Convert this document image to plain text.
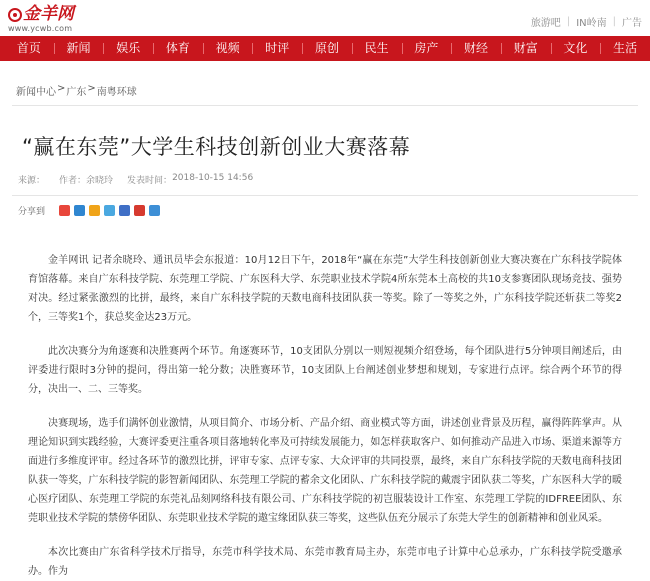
金羊网
www.ycwb.com	旅游吧 | IN岭南 | 广告
首页	新闻	娱乐	体育	视频	时评	原创	民生	房产	财经	财富	文化	生活
新闻中心 > 广东 > 南粤环球
“赢在东莞”大学生科技创新创业大赛落幕
来源： 作者： 余晓玲 发表时间： 2018-10-15 14:56
分享到

金羊网讯 记者余晓玲、通讯员毕会东报道：10月12日下午，2018年“赢在东莞”大学生科技创新创业大赛决赛在广东科技学院体育馆落幕。来自广东科技学院、东莞理工学院、广东医科大学、东莞职业技术学院4所东莞本土高校的共10支参赛团队现场竞技、强势对决。经过紧张激烈的比拼，最终，来自广东科技学院的天数电商科技团队获一等奖。除了一等奖之外，广东科技学院还斩获二等奖2个，三等奖1个，获总奖金达23万元。

此次决赛分为角逐赛和决胜赛两个环节。角逐赛环节，10支团队分别以一则短视频介绍登场，每个团队进行5分钟项目阐述后，由评委进行限时3分钟的提问，得出第一轮分数；决胜赛环节，10支团队上台阐述创业梦想和规划，专家进行点评。综合两个环节的得分，决出一、二、三等奖。

决赛现场，选手们满怀创业激情，从项目简介、市场分析、产品介绍、商业模式等方面，讲述创业背景及历程，赢得阵阵掌声。从理论知识到实践经验，大赛评委更注重各项目落地转化率及可持续发展能力，如怎样获取客户、如何推动产品进入市场、渠道来源等方面进行多维度评审。经过各环节的激烈比拼，评审专家、点评专家、大众评审的共同投票，最终，来自广东科技学院的天数电商科技团队获一等奖，广东科技学院的影智新闻团队、东莞理工学院的蓄余文化团队、广东科技学院的戴震宇团队获二等奖，广东医科大学的暖心医疗团队、东莞理工学院的东莞礼品刻网络科技有限公司、广东科技学院的初岂服装设计工作室、东莞理工学院的IDFREE团队、东莞职业技术学院的禁傍华团队、东莞职业技术学院的遨宝缘团队获三等奖，这些队伍充分展示了东莞大学生的创新精神和创业风采。

本次比赛由广东省科学技术厅指导，东莞市科学技术局、东莞市教育局主办，东莞市电子计算中心总承办，广东科技学院受邀承办。作为
